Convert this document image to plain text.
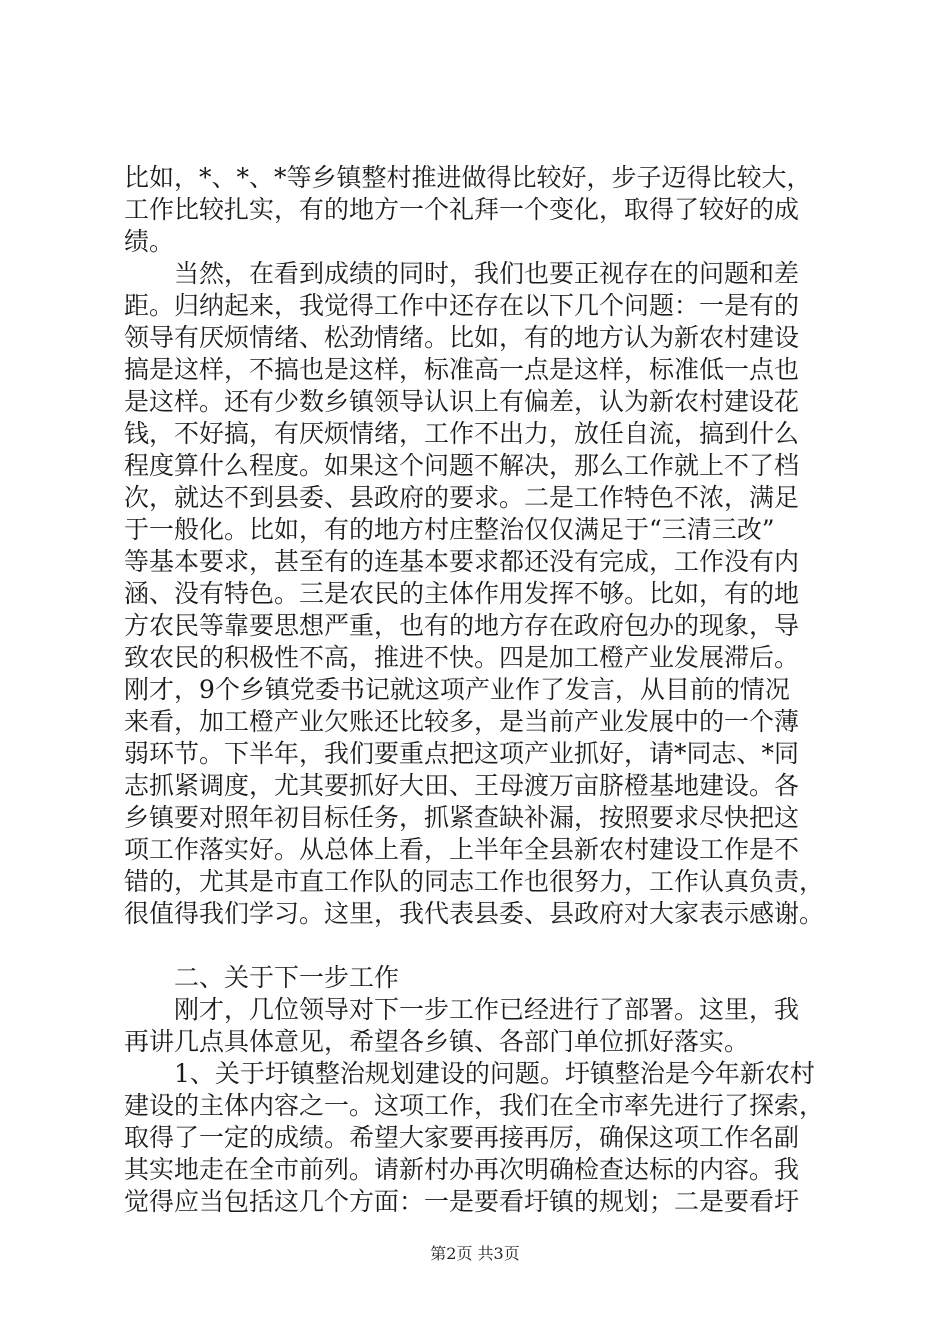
比如，*、*、*等乡镇整村推进做得比较好，步子迈得比较大，
工作比较扎实，有的地方一个礼拜一个变化，取得了较好的成
绩。
　　当然，在看到成绩的同时，我们也要正视存在的问题和差
距。归纳起来，我觉得工作中还存在以下几个问题：一是有的
领导有厌烦情绪、松劲情绪。比如，有的地方认为新农村建设
搞是这样，不搞也是这样，标准高一点是这样，标准低一点也
是这样。还有少数乡镇领导认识上有偏差，认为新农村建设花
钱，不好搞，有厌烦情绪，工作不出力，放任自流，搞到什么
程度算什么程度。如果这个问题不解决，那么工作就上不了档
次，就达不到县委、县政府的要求。二是工作特色不浓，满足
于一般化。比如，有的地方村庄整治仅仅满足于“三清三改”
等基本要求，甚至有的连基本要求都还没有完成，工作没有内
涵、没有特色。三是农民的主体作用发挥不够。比如，有的地
方农民等靠要思想严重，也有的地方存在政府包办的现象，导
致农民的积极性不高，推进不快。四是加工橙产业发展滞后。
刚才，9个乡镇党委书记就这项产业作了发言，从目前的情况
来看，加工橙产业欠账还比较多，是当前产业发展中的一个薄
弱环节。下半年，我们要重点把这项产业抓好，请*同志、*同
志抓紧调度，尤其要抓好大田、王母渡万亩脐橙基地建设。各
乡镇要对照年初目标任务，抓紧查缺补漏，按照要求尽快把这
项工作落实好。从总体上看，上半年全县新农村建设工作是不
错的，尤其是市直工作队的同志工作也很努力，工作认真负责，
很值得我们学习。这里，我代表县委、县政府对大家表示感谢。
　　二、关于下一步工作
　　刚才，几位领导对下一步工作已经进行了部署。这里，我
再讲几点具体意见，希望各乡镇、各部门单位抓好落实。
　　1、关于圩镇整治规划建设的问题。圩镇整治是今年新农村
建设的主体内容之一。这项工作，我们在全市率先进行了探索，
取得了一定的成绩。希望大家要再接再厉，确保这项工作名副
其实地走在全市前列。请新村办再次明确检查达标的内容。我
觉得应当包括这几个方面：一是要看圩镇的规划；二是要看圩
第2页 共3页
